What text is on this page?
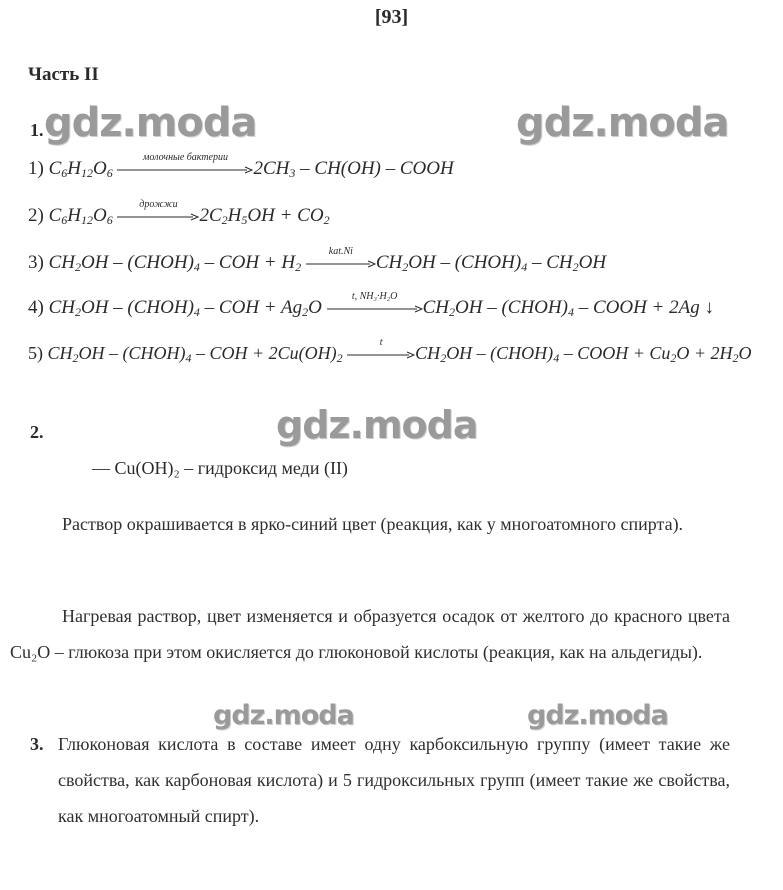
[93]
Часть II
gdz.moda	gdz.moda
gdz.moda
gdz.moda	gdz.moda
1.
1) $C_6H_{12}O_6$
молочные бактерии
$2CH_3 - CH(OH)$ – COOH
2) $C_6H_{12}O_6$
дрожжи
$2C_2H_5OH + CO_2$
3) $CH_2OH$ – $(CHOH)_4$ – COH + $H_2$
kat.Ni
$CH_2OH$ – $(CHOH)_4 - CH_2OH$
4) $CH_2OH$ – $(CHOH)_4$ – COH + $Ag_2O$
t, NH₃·H₂O
$CH_2OH$ – $(CHOH)_4$ – COOH + 2Ag ↓
5) $CH_2OH$ – $(CHOH)_4$ – COH + $2Cu(OH)_2$
t
$CH_2OH$ – $(CHOH)_4$ – COOH + $Cu_2O + 2H_2O$
2.
— Cu(OH)₂ – гидроксид меди (II)
Раствор окрашивается в ярко-синий цвет (реакция, как у многоатомного спирта).
Нагревая раствор, цвет изменяется и образуется осадок от желтого до красного цвета Cu₂O – глюкоза при этом окисляется до глюконовой кислоты (реакция, как на альдегиды).
3. Глюконовая кислота в составе имеет одну карбоксильную группу (имеет такие же свойства, как карбоновая кислота) и 5 гидроксильных групп (имеет такие же свойства, как многоатомный спирт).
